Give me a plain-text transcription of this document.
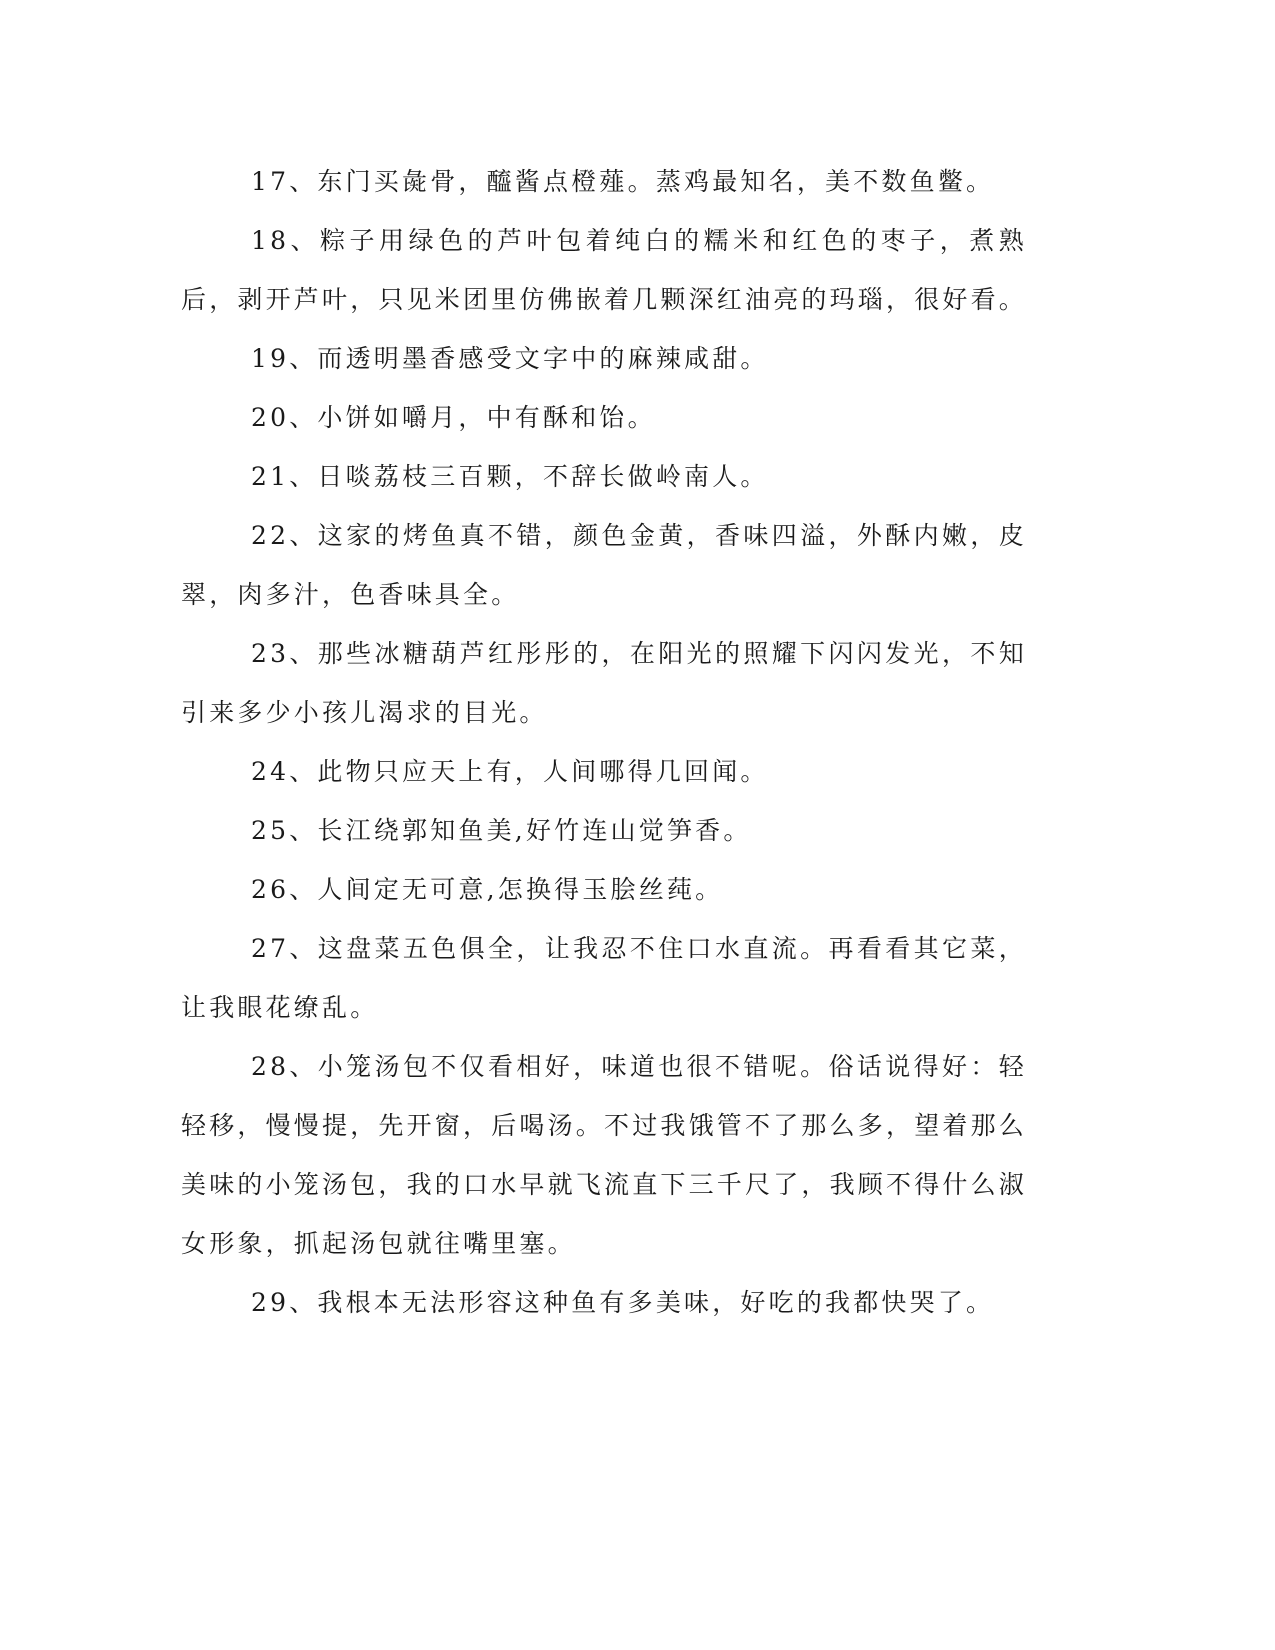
17、东门买彘骨，醯酱点橙薤。蒸鸡最知名，美不数鱼鳖。

18、粽子用绿色的芦叶包着纯白的糯米和红色的枣子，煮熟后，剥开芦叶，只见米团里仿佛嵌着几颗深红油亮的玛瑙，很好看。

19、而透明墨香感受文字中的麻辣咸甜。

20、小饼如嚼月，中有酥和饴。

21、日啖荔枝三百颗，不辞长做岭南人。

22、这家的烤鱼真不错，颜色金黄，香味四溢，外酥内嫩，皮翠，肉多汁，色香味具全。

23、那些冰糖葫芦红彤彤的，在阳光的照耀下闪闪发光，不知引来多少小孩儿渴求的目光。

24、此物只应天上有，人间哪得几回闻。

25、长江绕郭知鱼美,好竹连山觉笋香。

26、人间定无可意,怎换得玉脍丝莼。

27、这盘菜五色俱全，让我忍不住口水直流。再看看其它菜，让我眼花缭乱。

28、小笼汤包不仅看相好，味道也很不错呢。俗话说得好：轻轻移，慢慢提，先开窗，后喝汤。不过我饿管不了那么多，望着那么美味的小笼汤包，我的口水早就飞流直下三千尺了，我顾不得什么淑女形象，抓起汤包就往嘴里塞。

29、我根本无法形容这种鱼有多美味，好吃的我都快哭了。
